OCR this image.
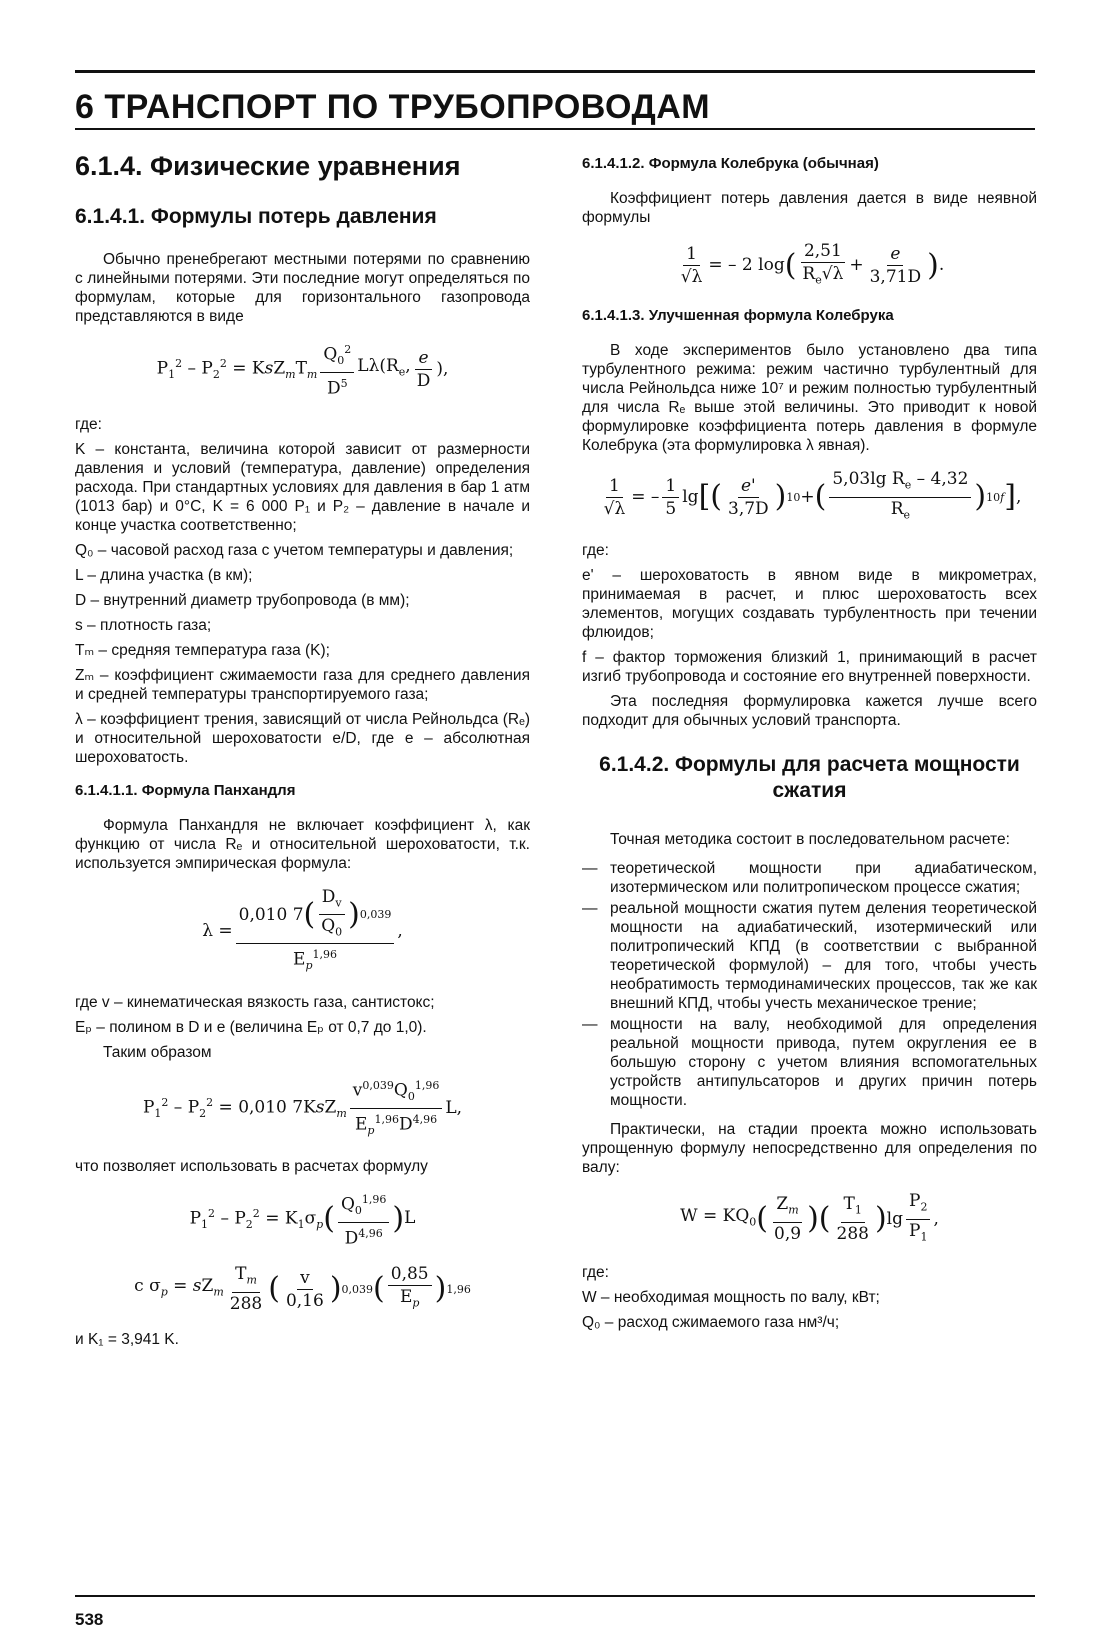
6 ТРАНСПОРТ ПО ТРУБОПРОВОДАМ
6.1.4. Физические уравнения
6.1.4.1. Формулы потерь давления

Обычно пренебрегают местными потерями по сравнению с линейными потерями. Эти последние могут определяться по формулам, которые для горизонтального газопровода представляются в виде

$P_1^2 - P_2^2 = KsZ_mT_m \frac{Q_0^2}{D^5} L\lambda(R_e$, $\frac{e}{D}$ ),

где:

K – константа, величина которой зависит от размерности давления и условий (температура, давление) определения расхода. При стандартных условиях для давления в бар 1 атм (1013 бар) и 0°С, K = 6 000 P₁ и P₂ – давление в начале и конце участка соответственно;

Q₀ – часовой расход газа с учетом температуры и давления;

L – длина участка (в км);

D – внутренний диаметр трубопровода (в мм);

s – плотность газа;

Tₘ – средняя температура газа (K);

Zₘ – коэффициент сжимаемости газа для среднего давления и средней температуры транспортируемого газа;

λ – коэффициент трения, зависящий от числа Рейнольдса (Rₑ) и относительной шероховатости e/D, где e – абсолютная шероховатость.

6.1.4.1.1. Формула Панхандля

Формула Панхандля не включает коэффициент λ, как функцию от числа Rₑ и относительной шероховатости, т.к. используется эмпирическая формула:

$\lambda = \frac{0,010 7 ( \frac{D_v}{Q_0} ) 0,039}{E_p^{1,96}}$ ,

где v – кинематическая вязкость газа, сантистокс;

Eₚ – полином в D и e (величина Eₚ от 0,7 до 1,0).

Таким образом

$P_1^2 - P_2^2 = 0,010$ $7KsZ_m \frac{v^{0,039}Q_0^{1,96}}{E_p^{1,96}D^{4,96}} L$,

что позволяет использовать в расчетах формулу

$P_1^2 - P_2^2 = K_1\sigma_p$ ( $\frac{Q_0^{1,96}}{D^{4,96}}$ ) L
с $\sigma_p = sZ_m \frac{T_m}{288}$ ( $\frac{v}{0,16}$ ) 0,039 ( $\frac{0,85}{E_p}$ ) 1,96

и K₁ = 3,941 K.

6.1.4.1.2. Формула Колебрука (обычная)

Коэффициент потерь давления дается в виде неявной формулы

$\frac{1}{√\lambda}$ = – 2 log ( $\frac{2,51}{R_e√\lambda} + \frac{e}{3,71D}$ ) .
6.1.4.1.3. Улучшенная формула Колебрука

В ходе экспериментов было установлено два типа турбулентного режима: режим частично турбулентный для числа Рейнольдса ниже 10⁷ и режим полностью турбулентный для числа Rₑ выше этой величины. Это приводит к новой формулировке коэффициента потерь давления в формуле Колебрука (эта формулировка λ явная).

$\frac{1}{√\lambda}$ = – $\frac{1}{5}$ lg [ ( $\frac{e'}{3,7D}$ ) 10 + ( $\frac{5,03\lg R_e - 4,32}{R_e}$ ) 10f ] ,

где:

e' – шероховатость в явном виде в микрометрах, принимаемая в расчет, и плюс шероховатость всех элементов, могущих создавать турбулентность при течении флюидов;

f – фактор торможения близкий 1, принимающий в расчет изгиб трубопровода и состояние его внутренней поверхности.

Эта последняя формулировка кажется лучше всего подходит для обычных условий транспорта.

6.1.4.2. Формулы для расчета мощности сжатия

Точная методика состоит в последовательном расчете:

— теоретической мощности при адиабатическом, изотермическом или политропическом процессе сжатия;
— реальной мощности сжатия путем деления теоретической мощности на адиабатический, изотермический или политропический КПД (в соответствии с выбранной теоретической формулой) – для того, чтобы учесть необратимость термодинамических процессов, так же как внешний КПД, чтобы учесть механическое трение;
— мощности на валу, необходимой для определения реальной мощности привода, путем округления ее в большую сторону с учетом влияния вспомогательных устройств антипульсаторов и других причин потерь мощности.

Практически, на стадии проекта можно использовать упрощенную формулу непосредственно для определения по валу:

$W = KQ_0$ ( $\frac{Z_m}{0,9}$ ) ( $\frac{T_1}{288}$ ) $\lg \frac{P_2}{P_1}$ ,

где:

W – необходимая мощность по валу, кВт;

Q₀ – расход сжимаемого газа нм³/ч;

538
